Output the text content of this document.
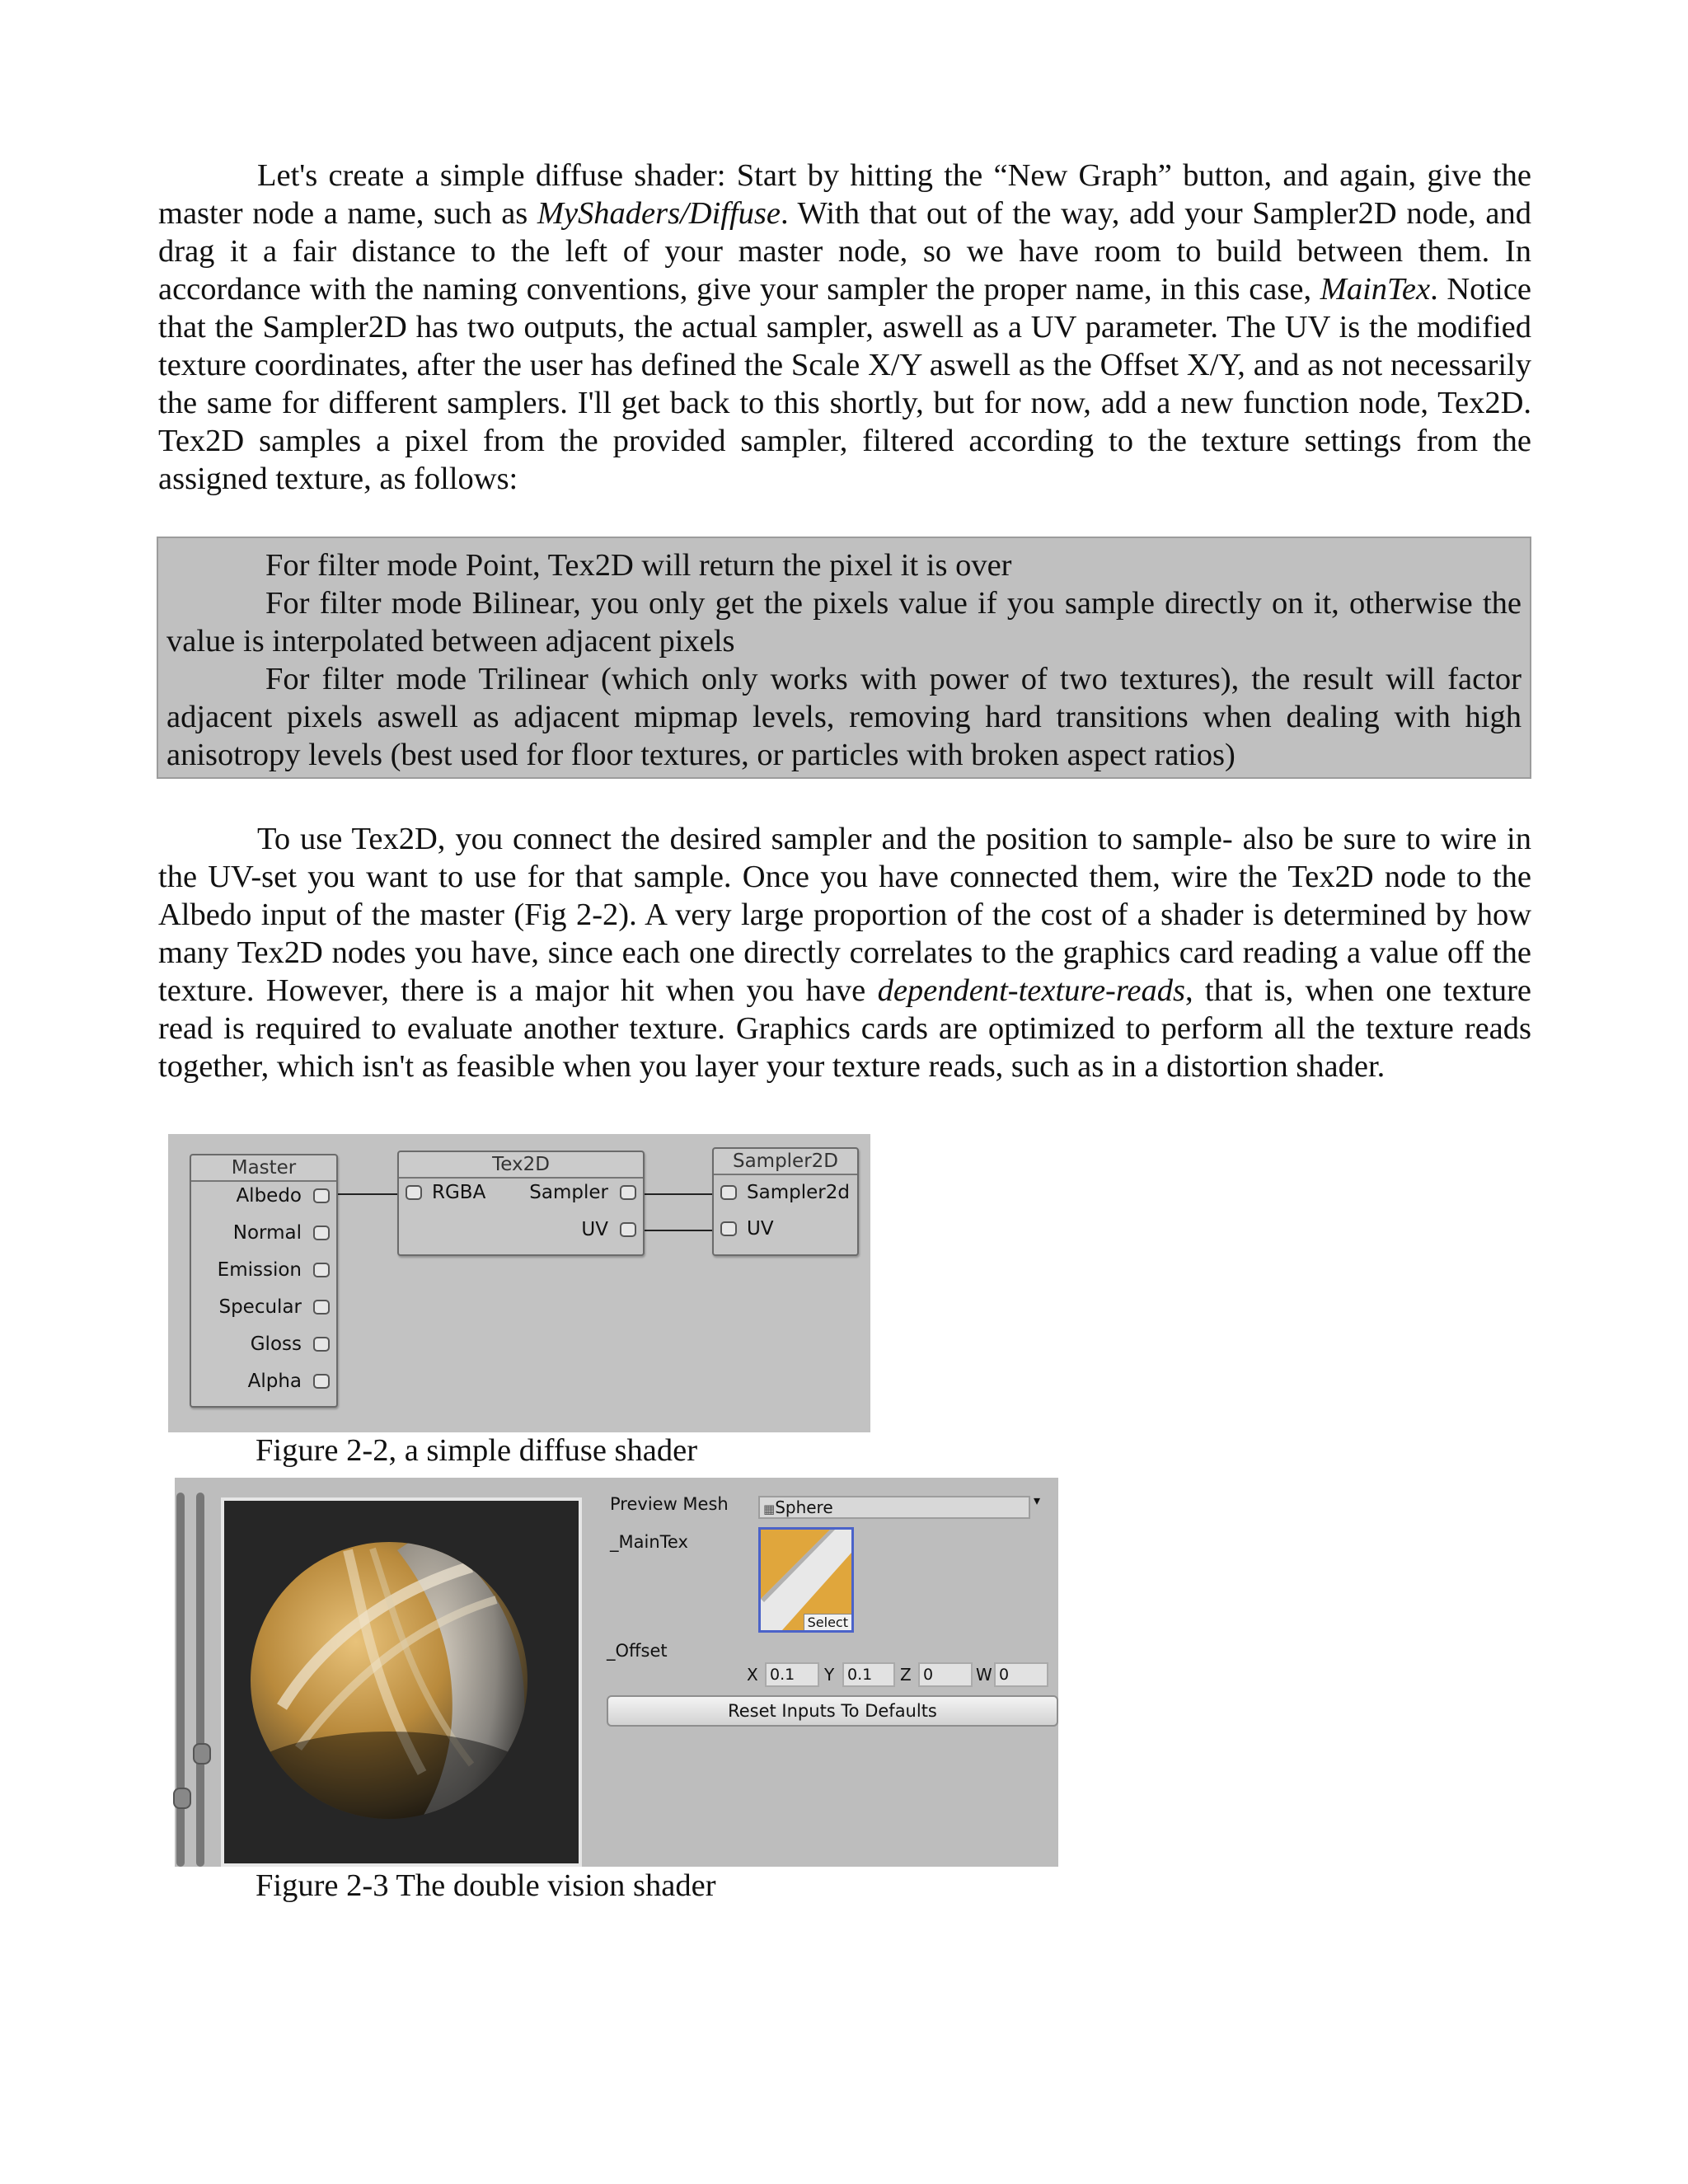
Let's create a simple diffuse shader: Start by hitting the “New Graph” button, and again, give the master node a name, such as MyShaders/Diffuse. With that out of the way, add your Sampler2D node, and drag it a fair distance to the left of your master node, so we have room to build between them. In accordance with the naming conventions, give your sampler the proper name, in this case, MainTex. Notice that the Sampler2D has two outputs, the actual sampler, aswell as a UV parameter. The UV is the modified texture coordinates, after the user has defined the Scale X/Y aswell as the Offset X/Y, and as not necessarily the same for different samplers. I'll get back to this shortly, but for now, add a new function node, Tex2D. Tex2D samples a pixel from the provided sampler, filtered according to the texture settings from the assigned texture, as follows:

For filter mode Point, Tex2D will return the pixel it is over

For filter mode Bilinear, you only get the pixels value if you sample directly on it, otherwise the value is interpolated between adjacent pixels

For filter mode Trilinear (which only works with power of two textures), the result will factor adjacent pixels aswell as adjacent mipmap levels, removing hard transitions when dealing with high anisotropy levels (best used for floor textures, or particles with broken aspect ratios)

To use Tex2D, you connect the desired sampler and the position to sample- also be sure to wire in the UV-set you want to use for that sample. Once you have connected them, wire the Tex2D node to the Albedo input of the master (Fig 2-2). A very large proportion of the cost of a shader is determined by how many Tex2D nodes you have, since each one directly correlates to the graphics card reading a value off the texture. However, there is a major hit when you have dependent-texture-reads, that is, when one texture read is required to evaluate another texture. Graphics cards are optimized to perform all the texture reads together, which isn't as feasible when you layer your texture reads, such as in a distortion shader.

Master
Albedo
Normal
Emission
Specular
Gloss
Alpha
Tex2D
RGBA Sampler
UV
Sampler2D
Sampler2d
UV

Figure 2-2, a simple diffuse shader

Preview Mesh	▦Sphere	▾
_MainTex
Select
_Offset
X 0.1	Y 0.1	Z 0	W 0
Reset Inputs To Defaults

Figure 2-3 The double vision shader
